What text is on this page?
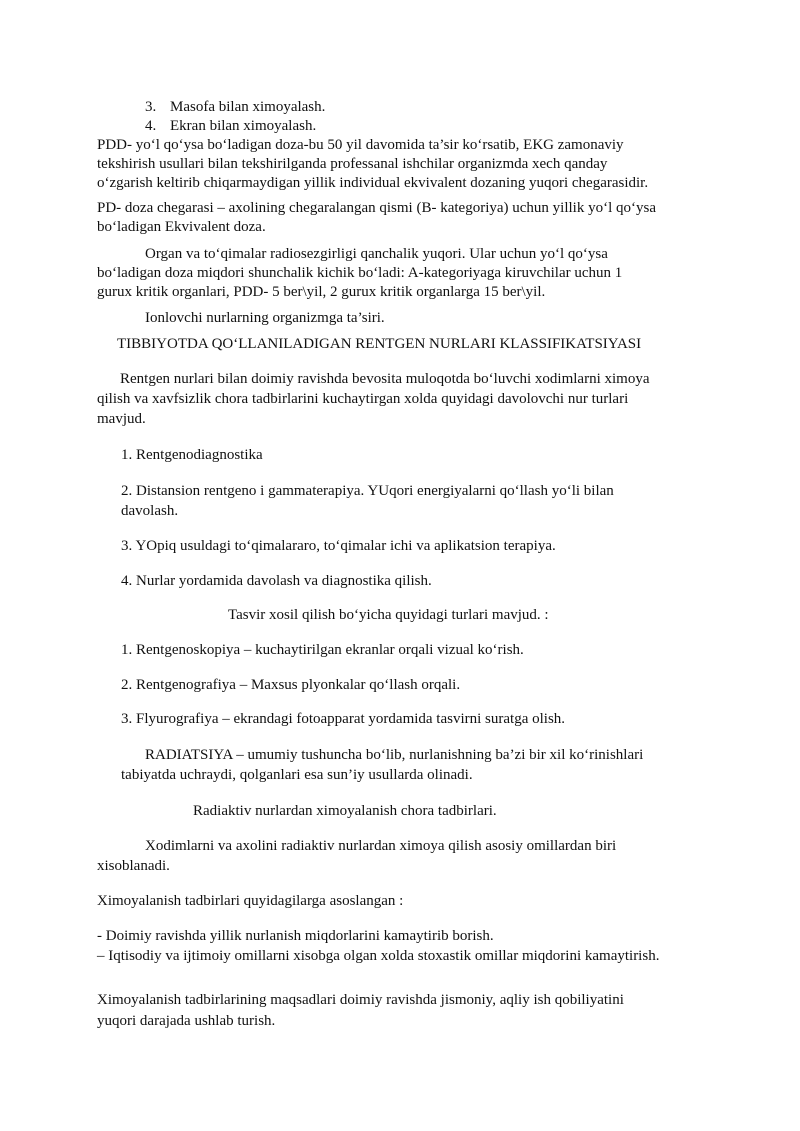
3. Masofa bilan ximoyalash.
4. Ekran bilan ximoyalash.
PDD- yo‘l qo‘ysa bo‘ladigan doza-bu 50 yil davomida ta’sir ko‘rsatib, EKG zamonaviy
tekshirish usullari bilan tekshirilganda professanal ishchilar organizmda xech qanday
o‘zgarish keltirib chiqarmaydigan yillik individual ekvivalent dozaning yuqori chegarasidir.
PD- doza chegarasi – axolining chegaralangan qismi (B- kategoriya) uchun yillik yo‘l qo‘ysa
bo‘ladigan Ekvivalent doza.
Organ va to‘qimalar radiosezgirligi qanchalik yuqori. Ular uchun yo‘l qo‘ysa
bo‘ladigan doza miqdori shunchalik kichik bo‘ladi: A-kategoriyaga kiruvchilar uchun 1
gurux kritik organlari, PDD- 5 ber\yil, 2 gurux kritik organlarga 15 ber\yil.
Ionlovchi nurlarning organizmga ta’siri.
TIBBIYOTDA QO‘LLANILADIGAN RENTGEN NURLARI KLASSIFIKATSIYASI
Rentgen nurlari bilan doimiy ravishda bevosita muloqotda bo‘luvchi xodimlarni ximoya
qilish va xavfsizlik chora tadbirlarini kuchaytirgan xolda quyidagi davolovchi nur turlari
mavjud.
1. Rentgenodiagnostika
2. Distansion rentgeno i gammaterapiya. YUqori energiyalarni qo‘llash yo‘li bilan
davolash.
3. YOpiq usuldagi to‘qimalararo, to‘qimalar ichi va aplikatsion terapiya.
4. Nurlar yordamida davolash va diagnostika qilish.
Tasvir xosil qilish bo‘yicha quyidagi turlari mavjud. :
1. Rentgenoskopiya – kuchaytirilgan ekranlar orqali vizual ko‘rish.
2. Rentgenografiya – Maxsus plyonkalar qo‘llash orqali.
3. Flyurografiya – ekrandagi fotoapparat yordamida tasvirni suratga olish.
RADIATSIYA – umumiy tushuncha bo‘lib, nurlanishning ba’zi bir xil ko‘rinishlari
tabiyatda uchraydi, qolganlari esa sun’iy usullarda olinadi.
Radiaktiv nurlardan ximoyalanish chora tadbirlari.
Xodimlarni va axolini radiaktiv nurlardan ximoya qilish asosiy omillardan biri
xisoblanadi.
Ximoyalanish tadbirlari quyidagilarga asoslangan :
- Doimiy ravishda yillik nurlanish miqdorlarini kamaytirib borish.
– Iqtisodiy va ijtimoiy omillarni xisobga olgan xolda stoxastik omillar miqdorini kamaytirish.
Ximoyalanish tadbirlarining maqsadlari doimiy ravishda jismoniy, aqliy ish qobiliyatini
yuqori darajada ushlab turish.
